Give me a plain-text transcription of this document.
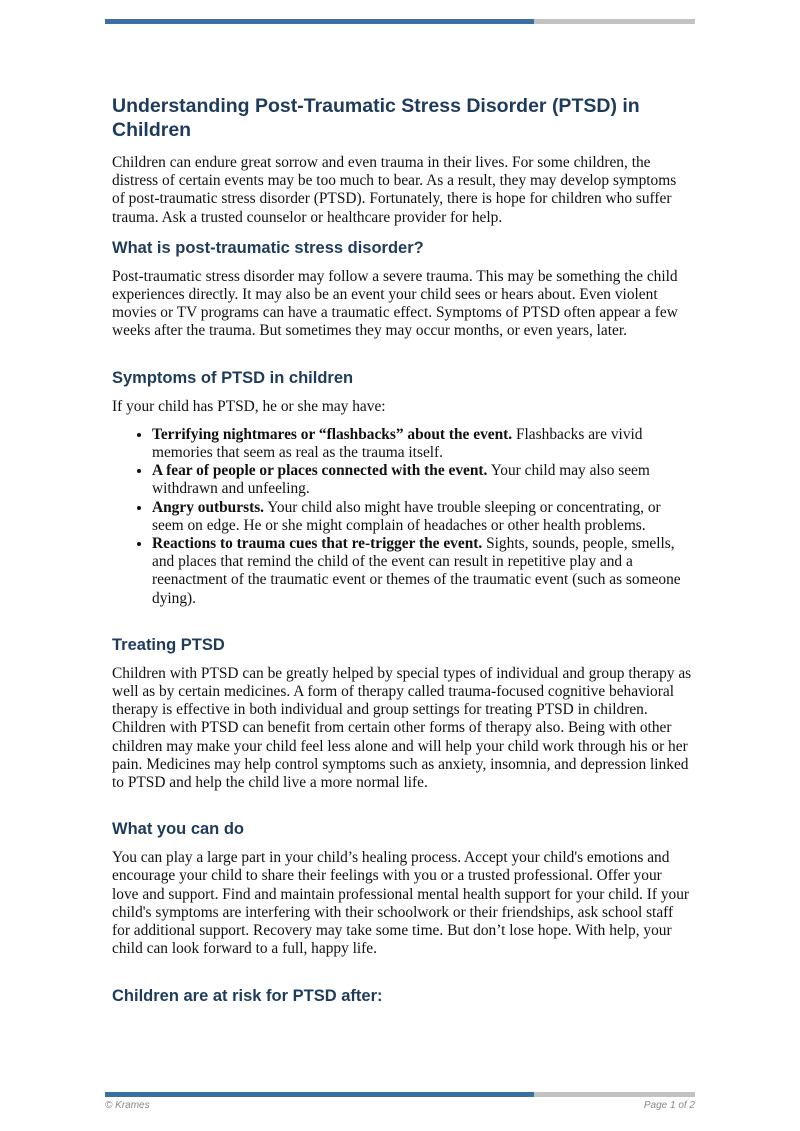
Understanding Post-Traumatic Stress Disorder (PTSD) in Children

Children can endure great sorrow and even trauma in their lives. For some children, the distress of certain events may be too much to bear. As a result, they may develop symptoms of post-traumatic stress disorder (PTSD). Fortunately, there is hope for children who suffer trauma. Ask a trusted counselor or healthcare provider for help.

What is post-traumatic stress disorder?

Post-traumatic stress disorder may follow a severe trauma. This may be something the child experiences directly. It may also be an event your child sees or hears about. Even violent movies or TV programs can have a traumatic effect. Symptoms of PTSD often appear a few weeks after the trauma. But sometimes they may occur months, or even years, later.

Symptoms of PTSD in children

If your child has PTSD, he or she may have:

• Terrifying nightmares or “flashbacks” about the event. Flashbacks are vivid memories that seem as real as the trauma itself.
• A fear of people or places connected with the event. Your child may also seem withdrawn and unfeeling.
• Angry outbursts. Your child also might have trouble sleeping or concentrating, or seem on edge. He or she might complain of headaches or other health problems.
• Reactions to trauma cues that re-trigger the event. Sights, sounds, people, smells, and places that remind the child of the event can result in repetitive play and a reenactment of the traumatic event or themes of the traumatic event (such as someone dying).
Treating PTSD

Children with PTSD can be greatly helped by special types of individual and group therapy as well as by certain medicines. A form of therapy called trauma-focused cognitive behavioral therapy is effective in both individual and group settings for treating PTSD in children. Children with PTSD can benefit from certain other forms of therapy also. Being with other children may make your child feel less alone and will help your child work through his or her pain. Medicines may help control symptoms such as anxiety, insomnia, and depression linked to PTSD and help the child live a more normal life.

What you can do

You can play a large part in your child’s healing process. Accept your child's emotions and encourage your child to share their feelings with you or a trusted professional. Offer your love and support. Find and maintain professional mental health support for your child. If your child's symptoms are interfering with their schoolwork or their friendships, ask school staff for additional support. Recovery may take some time. But don’t lose hope. With help, your child can look forward to a full, happy life.

Children are at risk for PTSD after:
© Krames	Page 1 of 2
